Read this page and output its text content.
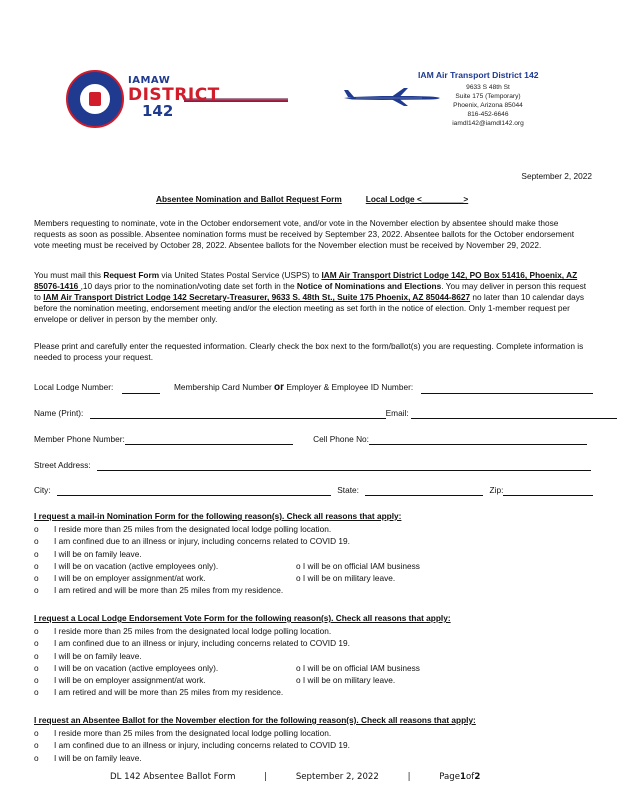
IAMAW
DISTRICT
142
IAM Air Transport District 142
9633 S 48th St
Suite 175 (Temporary)
Phoenix, Arizona 85044
816-452-6646
iamdl142@iamdl142.org
September 2, 2022
Absentee Nomination and Ballot Request Form	Local Lodge <_________>
Members requesting to nominate, vote in the October endorsement vote, and/or vote in the November election by absentee should make those requests as soon as possible. Absentee nomination forms must be received by September 23, 2022. Absentee ballots for the October endorsement vote meeting must be received by October 28, 2022. Absentee ballots for the November election must be received by November 29, 2022.
You must mail this Request Form via United States Postal Service (USPS) to IAM Air Transport District Lodge 142, PO Box 51416, Phoenix, AZ 85076-1416 ,10 days prior to the nomination/voting date set forth in the Notice of Nominations and Elections. You may deliver in person this request to IAM Air Transport District Lodge 142 Secretary-Treasurer, 9633 S. 48th St., Suite 175 Phoenix, AZ 85044-8627 no later than 10 calendar days before the nomination meeting, endorsement meeting and/or the election meeting as set forth in the notice of election. Only 1-member request per envelope or deliver in person by the member only.
Please print and carefully enter the requested information. Clearly check the box next to the form/ballot(s) you are requesting. Complete information is needed to process your request.
Local Lodge Number:	Membership Card Number or Employer & Employee ID Number:
Name (Print):	Email:
Member Phone Number:	Cell Phone No:
Street Address:
City:	State:	Zip:
I request a mail-in Nomination Form for the following reason(s). Check all reasons that apply:
o I reside more than 25 miles from the designated local lodge polling location.
o I am confined due to an illness or injury, including concerns related to COVID 19.
o I will be on family leave.
o I will be on vacation (active employees only).	o I will be on official IAM business
o I will be on employer assignment/at work.	o I will be on military leave.
o I am retired and will be more than 25 miles from my residence.
I request a Local Lodge Endorsement Vote Form for the following reason(s). Check all reasons that apply:
o I reside more than 25 miles from the designated local lodge polling location.
o I am confined due to an illness or injury, including concerns related to COVID 19.
o I will be on family leave.
o I will be on vacation (active employees only).	o I will be on official IAM business
o I will be on employer assignment/at work.	o I will be on military leave.
o I am retired and will be more than 25 miles from my residence.
I request an Absentee Ballot for the November election for the following reason(s). Check all reasons that apply:
o I reside more than 25 miles from the designated local lodge polling location.
o I am confined due to an illness or injury, including concerns related to COVID 19.
o I will be on family leave.
DL 142 Absentee Ballot Form	|	September 2, 2022	|	Page1of2
